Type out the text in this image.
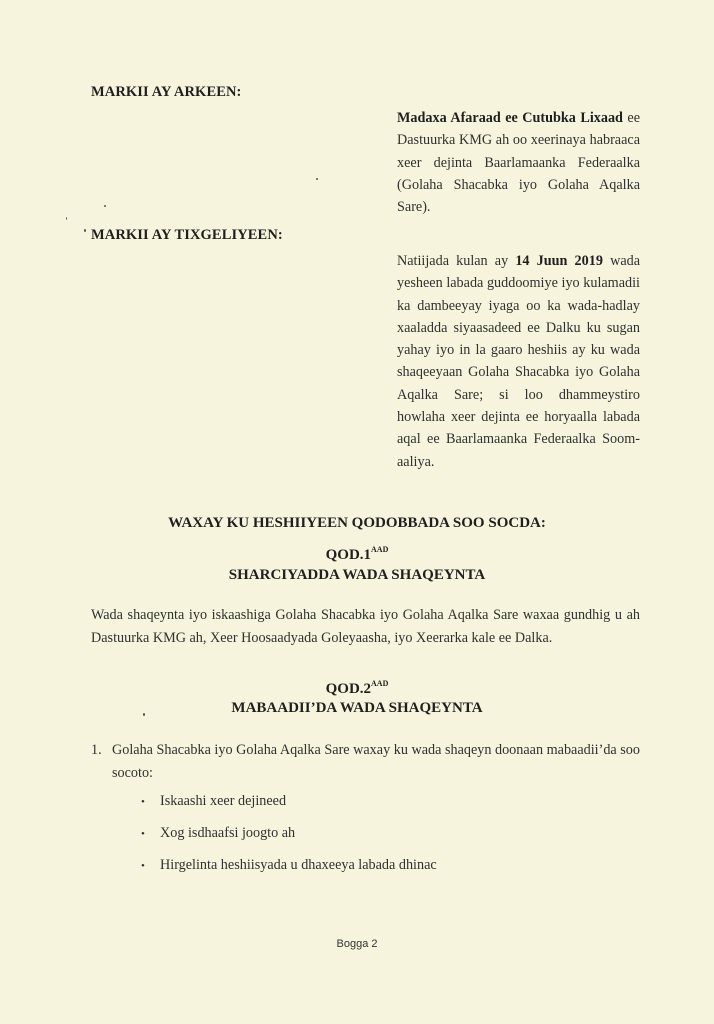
MARKII AY ARKEEN:
Madaxa Afaraad ee Cutubka Lixaad ee Dastuurka KMG ah oo xeerinaya habraaca xeer dejinta Baarlamaanka Federaalka (Golaha Shacabka iyo Golaha Aqalka Sare).
MARKII AY TIXGELIYEEN:
Natiijada kulan ay 14 Juun 2019 wada yesheen labada guddoomiye iyo kulamadii ka dambeeyay iyaga oo ka wada-hadlay xaaladda siyaasadeed ee Dalku ku sugan yahay iyo in la gaaro heshiis ay ku wada shaqeeyaan Golaha Shacabka iyo Golaha Aqalka Sare; si loo dhammeystiro howlaha xeer dejinta ee horyaalla labada aqal ee Baarlamaanka Federaalka Soom-aaliya.
WAXAY KU HESHIIYEEN QODOBBADA SOO SOCDA:
$QOD.1^{AAD}$
SHARCIYADDA WADA SHAQEYNTA
Wada shaqeynta iyo iskaashiga Golaha Shacabka iyo Golaha Aqalka Sare waxaa gundhig u ah Dastuurka KMG ah, Xeer Hoosaadyada Goleyaasha, iyo Xeerarka kale ee Dalka.
$QOD.2^{AAD}$
MABAADII’DA WADA SHAQEYNTA
1. Golaha Shacabka iyo Golaha Aqalka Sare waxay ku wada shaqeyn doonaan mabaadii’da soo socoto:
• Iskaashi xeer dejineed
• Xog isdhaafsi joogto ah
• Hirgelinta heshiisyada u dhaxeeya labada dhinac
Bogga 2
